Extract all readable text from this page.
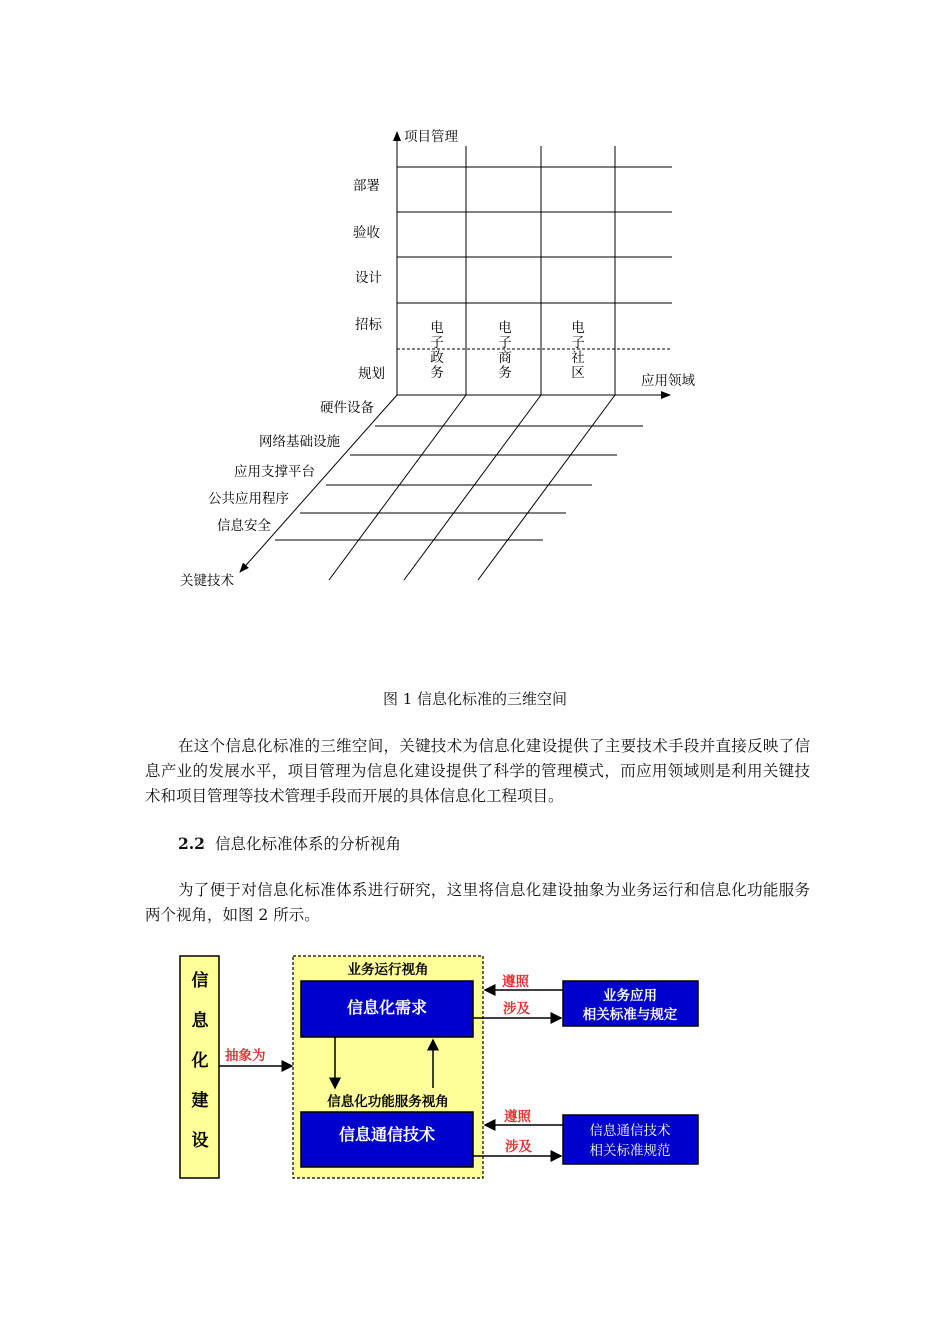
项目管理
应用领域
关键技术
部署
验收
设计
招标
规划
硬件设备
网络基础设施
应用支撑平台
公共应用程序
信息安全
电子政务
电子商务
电子社区
图 1 信息化标准的三维空间
在这个信息化标准的三维空间，关键技术为信息化建设提供了主要技术手段并直接反映了信息产业的发展水平，项目管理为信息化建设提供了科学的管理模式，而应用领域则是利用关键技术和项目管理等技术管理手段而开展的具体信息化工程项目。
2.2 信息化标准体系的分析视角
为了便于对信息化标准体系进行研究，这里将信息化建设抽象为业务运行和信息化功能服务两个视角，如图 2 所示。
信
息
化
建
设
抽象为
业务运行视角
信息化需求
信息化功能服务视角
信息通信技术
业务应用
相关标准与规定
信息通信技术
相关标准规范
遵照
涉及
遵照
涉及
